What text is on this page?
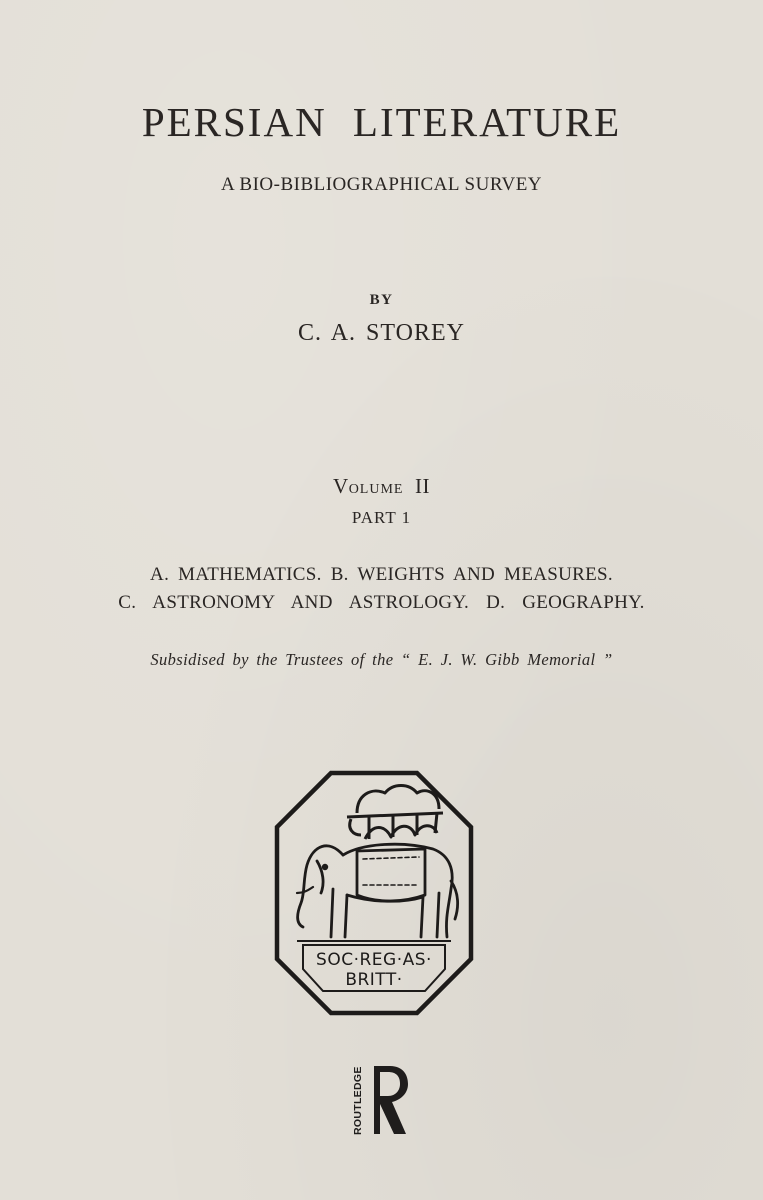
PERSIAN LITERATURE
A BIO-BIBLIOGRAPHICAL SURVEY
BY
C. A. STOREY
VOLUME II
PART 1
A. MATHEMATICS. B. WEIGHTS AND MEASURES.
C. ASTRONOMY AND ASTROLOGY. D. GEOGRAPHY.
Subsidised by the Trustees of the “ E. J. W. Gibb Memorial ”
SOC·REG·AS·
BRITT·
ROUTLEDGE
